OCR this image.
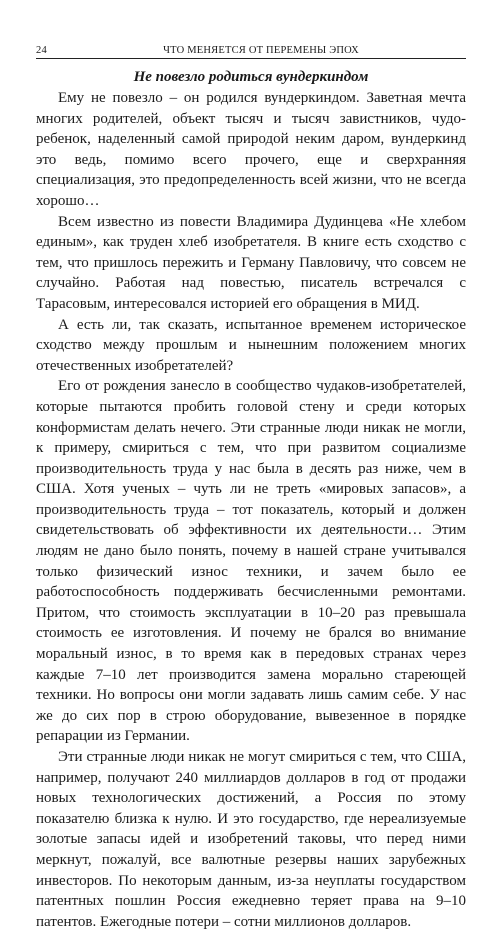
24	ЧТО МЕНЯЕТСЯ ОТ ПЕРЕМЕНЫ ЭПОХ
Не повезло родиться вундеркиндом

Ему не повезло – он родился вундеркиндом. Заветная мечта многих родителей, объект тысяч и тысяч завистников, чудо-ребенок, наделенный самой природой неким даром, вундеркинд это ведь, помимо всего прочего, еще и сверхранняя специализация, это предопределенность всей жизни, что не всегда хорошо…

Всем известно из повести Владимира Дудинцева «Не хлебом единым», как труден хлеб изобретателя. В книге есть сходство с тем, что пришлось пережить и Герману Павловичу, что совсем не случайно. Работая над повестью, писатель встречался с Тарасовым, интересовался историей его обращения в МИД.

А есть ли, так сказать, испытанное временем историческое сходство между прошлым и нынешним положением многих отечественных изобретателей?

Его от рождения занесло в сообщество чудаков-изобретателей, которые пытаются пробить головой стену и среди которых конформистам делать нечего. Эти странные люди никак не могли, к примеру, смириться с тем, что при развитом социализме производительность труда у нас была в десять раз ниже, чем в США. Хотя ученых – чуть ли не треть «мировых запасов», а производительность труда – тот показатель, который и должен свидетельствовать об эффективности их деятельности… Этим людям не дано было понять, почему в нашей стране учитывался только физический износ техники, и зачем было ее работоспособность поддерживать бесчисленными ремонтами. Притом, что стоимость эксплуатации в 10–20 раз превышала стоимость ее изготовления. И почему не брался во внимание моральный износ, в то время как в передовых странах через каждые 7–10 лет производится замена морально стареющей техники. Но вопросы они могли задавать лишь самим себе. У нас же до сих пор в строю оборудование, вывезенное в порядке репарации из Германии.

Эти странные люди никак не могут смириться с тем, что США, например, получают 240 миллиардов долларов в год от продажи новых технологических достижений, а Россия по этому показателю близка к нулю. И это государство, где нереализуемые золотые запасы идей и изобретений таковы, что перед ними меркнут, пожалуй, все валютные резервы наших зарубежных инвесторов. По некоторым данным, из-за неуплаты государством патентных пошлин Россия ежедневно теряет права на 9–10 патентов. Ежегодные потери – сотни миллионов долларов.
